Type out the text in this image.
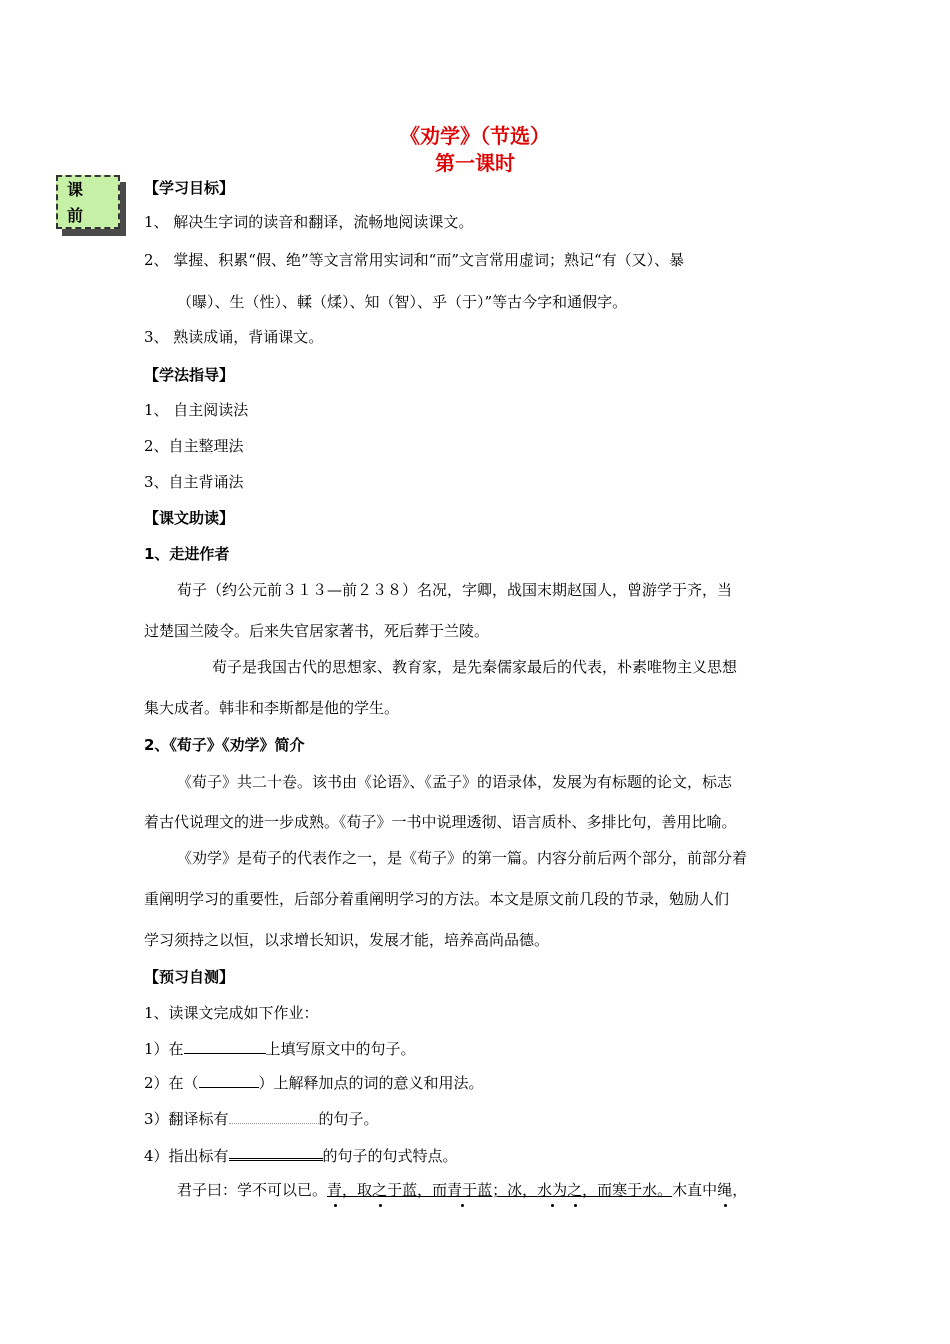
《劝学》（节选）
第一课时
课
前
【学习目标】
1、 解决生字词的读音和翻译，流畅地阅读课文。
2、 掌握、积累“假、绝”等文言常用实词和“而”文言常用虚词；熟记“有（又）、暴
（曝）、生（性）、輮（煣）、知（智）、乎（于）”等古今字和通假字。
3、 熟读成诵，背诵课文。
【学法指导】
1、 自主阅读法
2、自主整理法
3、自主背诵法
【课文助读】
1、走进作者
荀子（约公元前３１３—前２３８）名况，字卿，战国末期赵国人，曾游学于齐，当
过楚国兰陵令。后来失官居家著书，死后葬于兰陵。
荀子是我国古代的思想家、教育家，是先秦儒家最后的代表，朴素唯物主义思想
集大成者。韩非和李斯都是他的学生。
2、《荀子》《劝学》简介
《荀子》共二十卷。该书由《论语》、《孟子》的语录体，发展为有标题的论文，标志
着古代说理文的进一步成熟。《荀子》一书中说理透彻、语言质朴、多排比句，善用比喻。
《劝学》是荀子的代表作之一，是《荀子》的第一篇。内容分前后两个部分，前部分着
重阐明学习的重要性，后部分着重阐明学习的方法。本文是原文前几段的节录，勉励人们
学习须持之以恒，以求增长知识，发展才能，培养高尚品德。
【预习自测】
1、读课文完成如下作业：
1）在	上填写原文中的句子。
2）在（	）上解释加点的词的意义和用法。
3）翻译标有	的句子。
4）指出标有	的句子的句式特点。
君子曰：学不可以已。青，取之于蓝，而青于蓝；冰，水为之，而寒于水。木直中绳，
